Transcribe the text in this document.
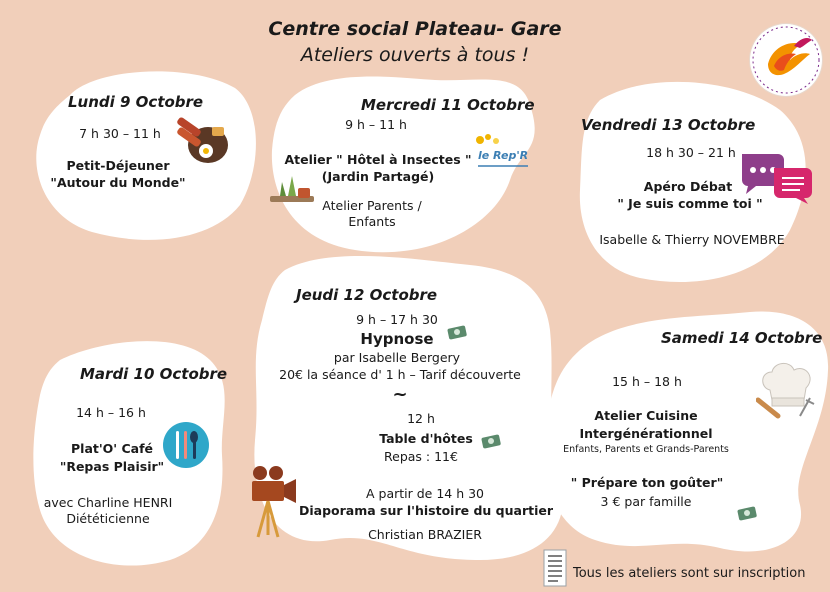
Centre social Plateau- Gare
Ateliers ouverts à tous !
Lundi 9 Octobre
7 h 30 – 11 h
Petit-Déjeuner
"Autour du Monde"
Mercredi 11 Octobre
9 h – 11 h
Atelier " Hôtel à Insectes "
(Jardin Partagé)
Atelier Parents /
Enfants
le Rep'R
Vendredi 13 Octobre
18 h 30 – 21 h
Apéro Débat
" Je suis comme toi "
Isabelle & Thierry NOVEMBRE
Jeudi 12 Octobre
9 h – 17 h 30
Hypnose
par Isabelle Bergery
20€ la séance d' 1 h – Tarif découverte
~
12 h
Table d'hôtes
Repas : 11€
A partir de 14 h 30
Diaporama sur l'histoire du quartier
Christian BRAZIER
Mardi 10 Octobre
14 h – 16 h
Plat'O' Café
"Repas Plaisir"
avec Charline HENRI
Diététicienne
Samedi 14 Octobre
15 h – 18 h
Atelier Cuisine
Intergénérationnel
Enfants, Parents et Grands-Parents
" Prépare ton goûter"
3 € par famille
Tous les ateliers sont sur inscription
